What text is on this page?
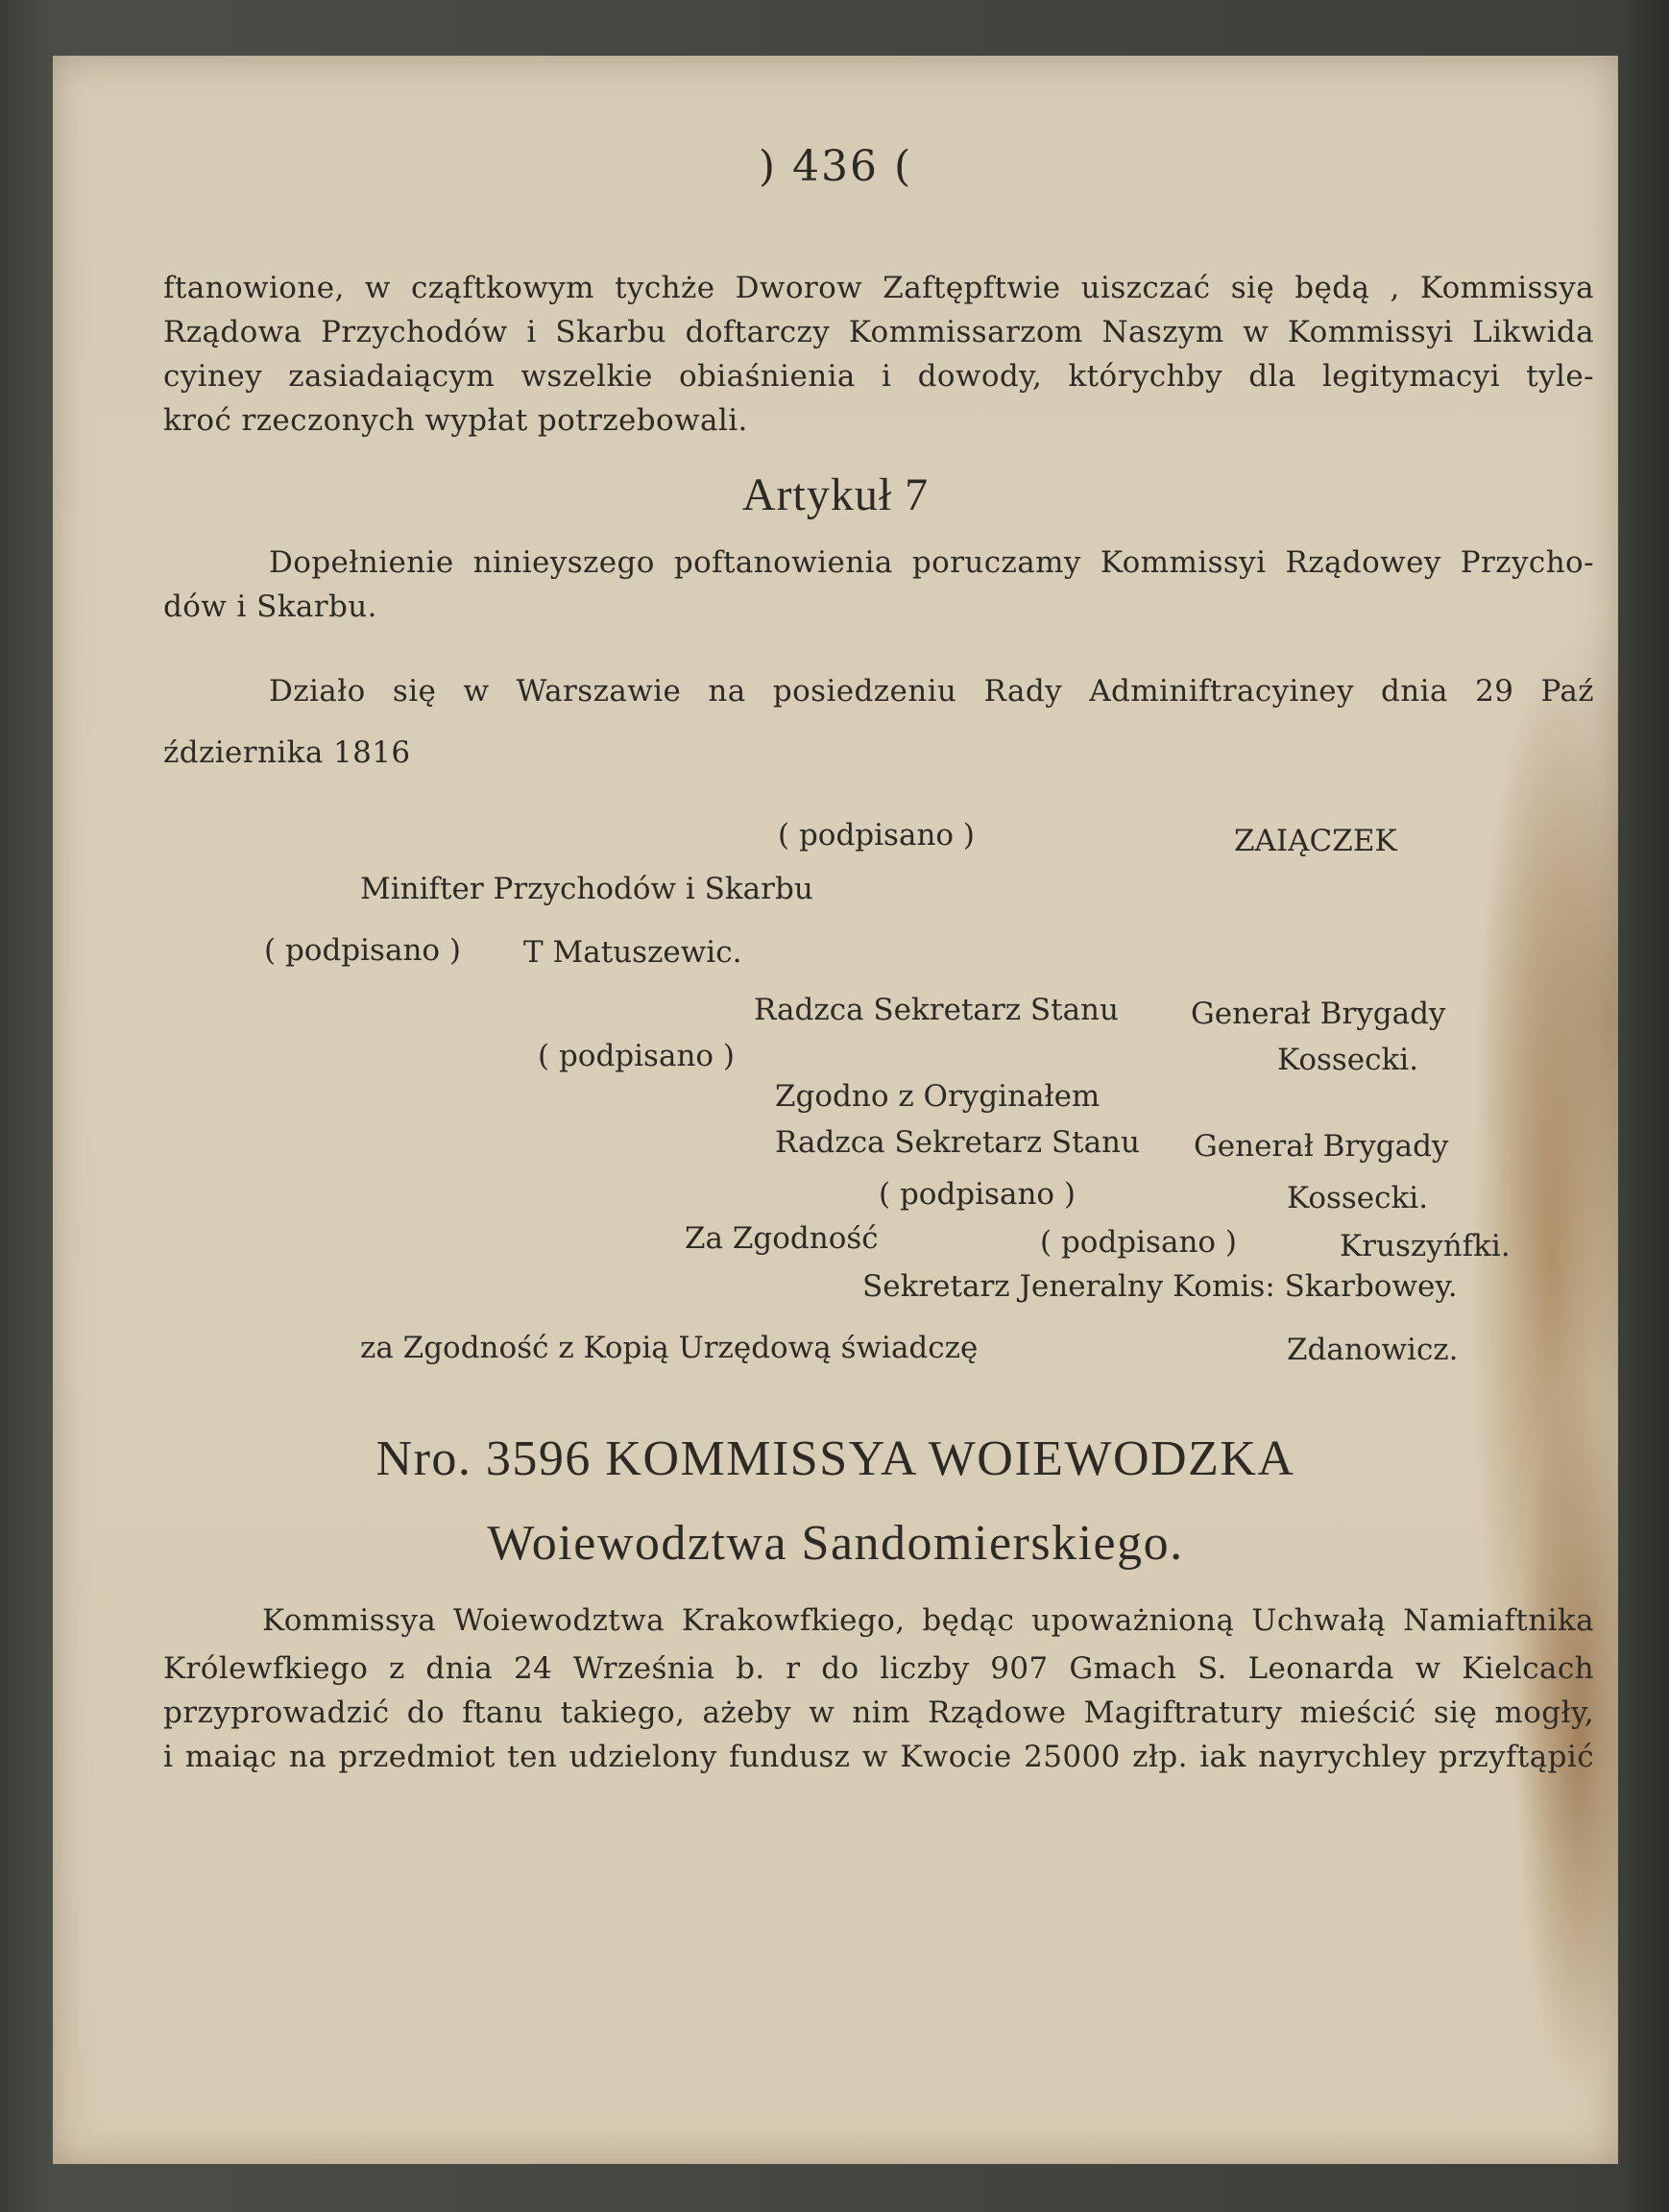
) 436 (
ftanowione, w cząftkowym tychże Dworow Zaftępftwie uiszczać się będą , Kommissya
Rządowa Przychodów i Skarbu doftarczy Kommissarzom Naszym w Kommissyi Likwida
cyiney zasiadaiącym wszelkie obiaśnienia i dowody, którychby dla legitymacyi tyle-
kroć rzeczonych wypłat potrzebowali.
Artykuł 7
Dopełnienie ninieyszego poftanowienia poruczamy Kommissyi Rządowey Przycho-
dów i Skarbu.
Działo się w Warszawie na posiedzeniu Rady Adminiftracyiney dnia 29 Paź
ździernika 1816
( podpisano )	ZAIĄCZEK
Minifter Przychodów i Skarbu
( podpisano ) T Matuszewic.
Radzca Sekretarz Stanu Generał Brygady
( podpisano )	Kossecki.
Zgodno z Oryginałem
Radzca Sekretarz Stanu Generał Brygady
( podpisano )	Kossecki.
Za Zgodność	( podpisano )	Kruszyńfki.
Sekretarz Jeneralny Komis: Skarbowey.
za Zgodność z Kopią Urzędową świadczę	Zdanowicz.
Nro. 3596 KOMMISSYA WOIEWODZKA
Woiewodztwa Sandomierskiego.
Kommissya Woiewodztwa Krakowfkiego, będąc upoważnioną Uchwałą Namiaftnika
Królewfkiego z dnia 24 Września b. r do liczby 907 Gmach S. Leonarda w Kielcach
przyprowadzić do ftanu takiego, ażeby w nim Rządowe Magiftratury mieścić się mogły,
i maiąc na przedmiot ten udzielony fundusz w Kwocie 25000 złp. iak nayrychley przyftąpić
